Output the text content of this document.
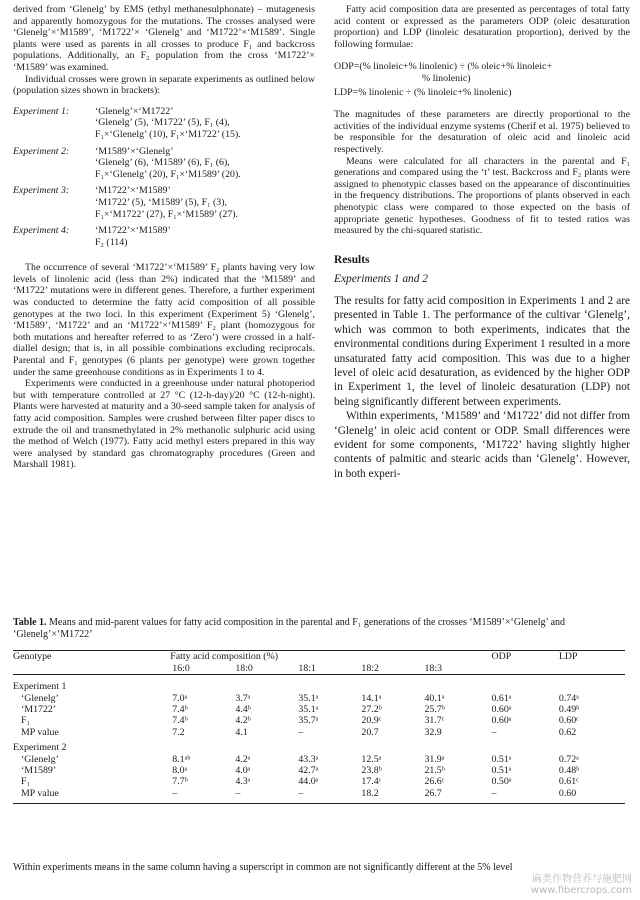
derived from ‘Glenelg’ by EMS (ethyl methanesulphonate) – mutagenesis and apparently homozygous for the mutations. The crosses analysed were ‘Glenelg’×‘M1589’, ‘M1722’× ‘Glenelg’ and ‘M1722’×‘M1589’. Single plants were used as parents in all crosses to produce F₁ and backcross populations. Additionally, an F₂ population from the cross ‘M1722’× ‘M1589’ was examined.

Individual crosses were grown in separate experiments as outlined below (population sizes shown in brackets):

Experiment 1:	‘Glenelg’×‘M1722’
‘Glenelg’ (5), ‘M1722’ (5), F₁ (4),
F₁×‘Glenelg’ (10), F₁×‘M1722’ (15).
Experiment 2:	‘M1589’×‘Glenelg’
‘Glenelg’ (6), ‘M1589’ (6), F₁ (6),
F₁×‘Glenelg’ (20), F₁×‘M1589’ (20).
Experiment 3:	‘M1722’×‘M1589’
‘M1722’ (5), ‘M1589’ (5), F₁ (3),
F₁×‘M1722’ (27), F₁×‘M1589’ (27).
Experiment 4:	‘M1722’×‘M1589’
F₂ (114)

The occurrence of several ‘M1722’×‘M1589’ F₂ plants having very low levels of linolenic acid (less than 2%) indicated that the ‘M1589’ and ‘M1722’ mutations were in different genes. Therefore, a further experiment was conducted to determine the fatty acid composition of all possible genotypes at the two loci. In this experiment (Experiment 5) ‘Glenelg’, ‘M1589’, ‘M1722’ and an ‘M1722’×‘M1589’ F₂ plant (homozygous for both mutations and hereafter referred to as ‘Zero’) were crossed in a half-diallel design; that is, in all possible combinations excluding reciprocals. Parental and F₁ genotypes (6 plants per genotype) were grown together under the same greenhouse conditions as in Experiments 1 to 4.

Experiments were conducted in a greenhouse under natural photoperiod but with temperature controlled at 27 °C (12-h-day)/20 °C (12-h-night). Plants were harvested at maturity and a 30-seed sample taken for analysis of fatty acid composition. Samples were crushed between filter paper discs to extrude the oil and transmethylated in 2% methanolic sulphuric acid using the method of Welch (1977). Fatty acid methyl esters prepared in this way were analysed by standard gas chromatography procedures (Green and Marshall 1981).

Fatty acid composition data are presented as percentages of total fatty acid content or expressed as the parameters ODP (oleic desaturation proportion) and LDP (linoleic desaturation proportion), derived by the following formulae:

ODP=(% linoleic+% linolenic) ÷ (% oleic+% linoleic+
% linolenic)
LDP=% linolenic ÷ (% linoleic+% linolenic)

The magnitudes of these parameters are directly proportional to the activities of the individual enzyme systems (Cherif et al. 1975) believed to be responsible for the desaturation of oleic acid and linoleic acid respectively.

Means were calculated for all characters in the parental and F₁ generations and compared using the ‘t’ test. Backcross and F₂ plants were assigned to phenotypic classes based on the appearance of discontinuities in the frequency distributions. The proportions of plants observed in each phenotypic class were compared to those expected on the basis of appropriate genetic hypotheses. Goodness of fit to tested ratios was measured by the chi-squared statistic.

Results
Experiments 1 and 2

The results for fatty acid composition in Experiments 1 and 2 are presented in Table 1. The performance of the cultivar ‘Glenelg’, which was common to both experiments, indicates that the environmental conditions during Experiment 1 resulted in a more unsaturated fatty acid composition. This was due to a higher level of oleic acid desaturation, as evidenced by the higher ODP in Experiment 1, the level of linoleic desaturation (LDP) not being significantly different between experiments.

Within experiments, ‘M1589’ and ‘M1722’ did not differ from ‘Glenelg’ in oleic acid content or ODP. Small differences were evident for some components, ‘M1722’ having slightly higher contents of palmitic and stearic acids than ‘Glenelg’. However, in both experi-

Table 1. Means and mid-parent values for fatty acid composition in the parental and F₁ generations of the crosses ‘M1589’×‘Glenelg’ and ‘Glenelg’×‘M1722’
Genotype	Fatty acid composition (%)					ODP	LDP
	16:0	18:0	18:1	18:2	18:3		

Experiment 1							
‘Glenelg’	7.0ᵃ	3.7ᵃ	35.1ᵃ	14.1ᵃ	40.1ᵃ	0.61ᵃ	0.74ᵃ
‘M1722’	7.4ᵇ	4.4ᵇ	35.1ᵃ	27.2ᵇ	25.7ᵇ	0.60ᵃ	0.49ᵇ
F₁	7.4ᵇ	4.2ᵇ	35.7ᵃ	20.9ᶜ	31.7ᶜ	0.60ᵃ	0.60ᶜ
MP value	7.2	4.1	–	20.7	32.9	–	0.62

Experiment 2							
‘Glenelg’	8.1ᵃᵇ	4.2ᵃ	43.3ᵃ	12.5ᵃ	31.9ᵃ	0.51ᵃ	0.72ᵃ
‘M1589’	8.0ᵃ	4.0ᵃ	42.7ᵃ	23.8ᵇ	21.5ᵇ	0.51ᵃ	0.48ᵇ
F₁	7.7ᵇ	4.3ᵃ	44.0ᵃ	17.4ᶜ	26.6ᶜ	0.50ᵃ	0.61ᶜ
MP value	–	–	–	18.2	26.7	–	0.60

Within experiments means in the same column having a superscript in common are not significantly different at the 5% level
麻类作物营养与施肥网
www.fibercrops.com
